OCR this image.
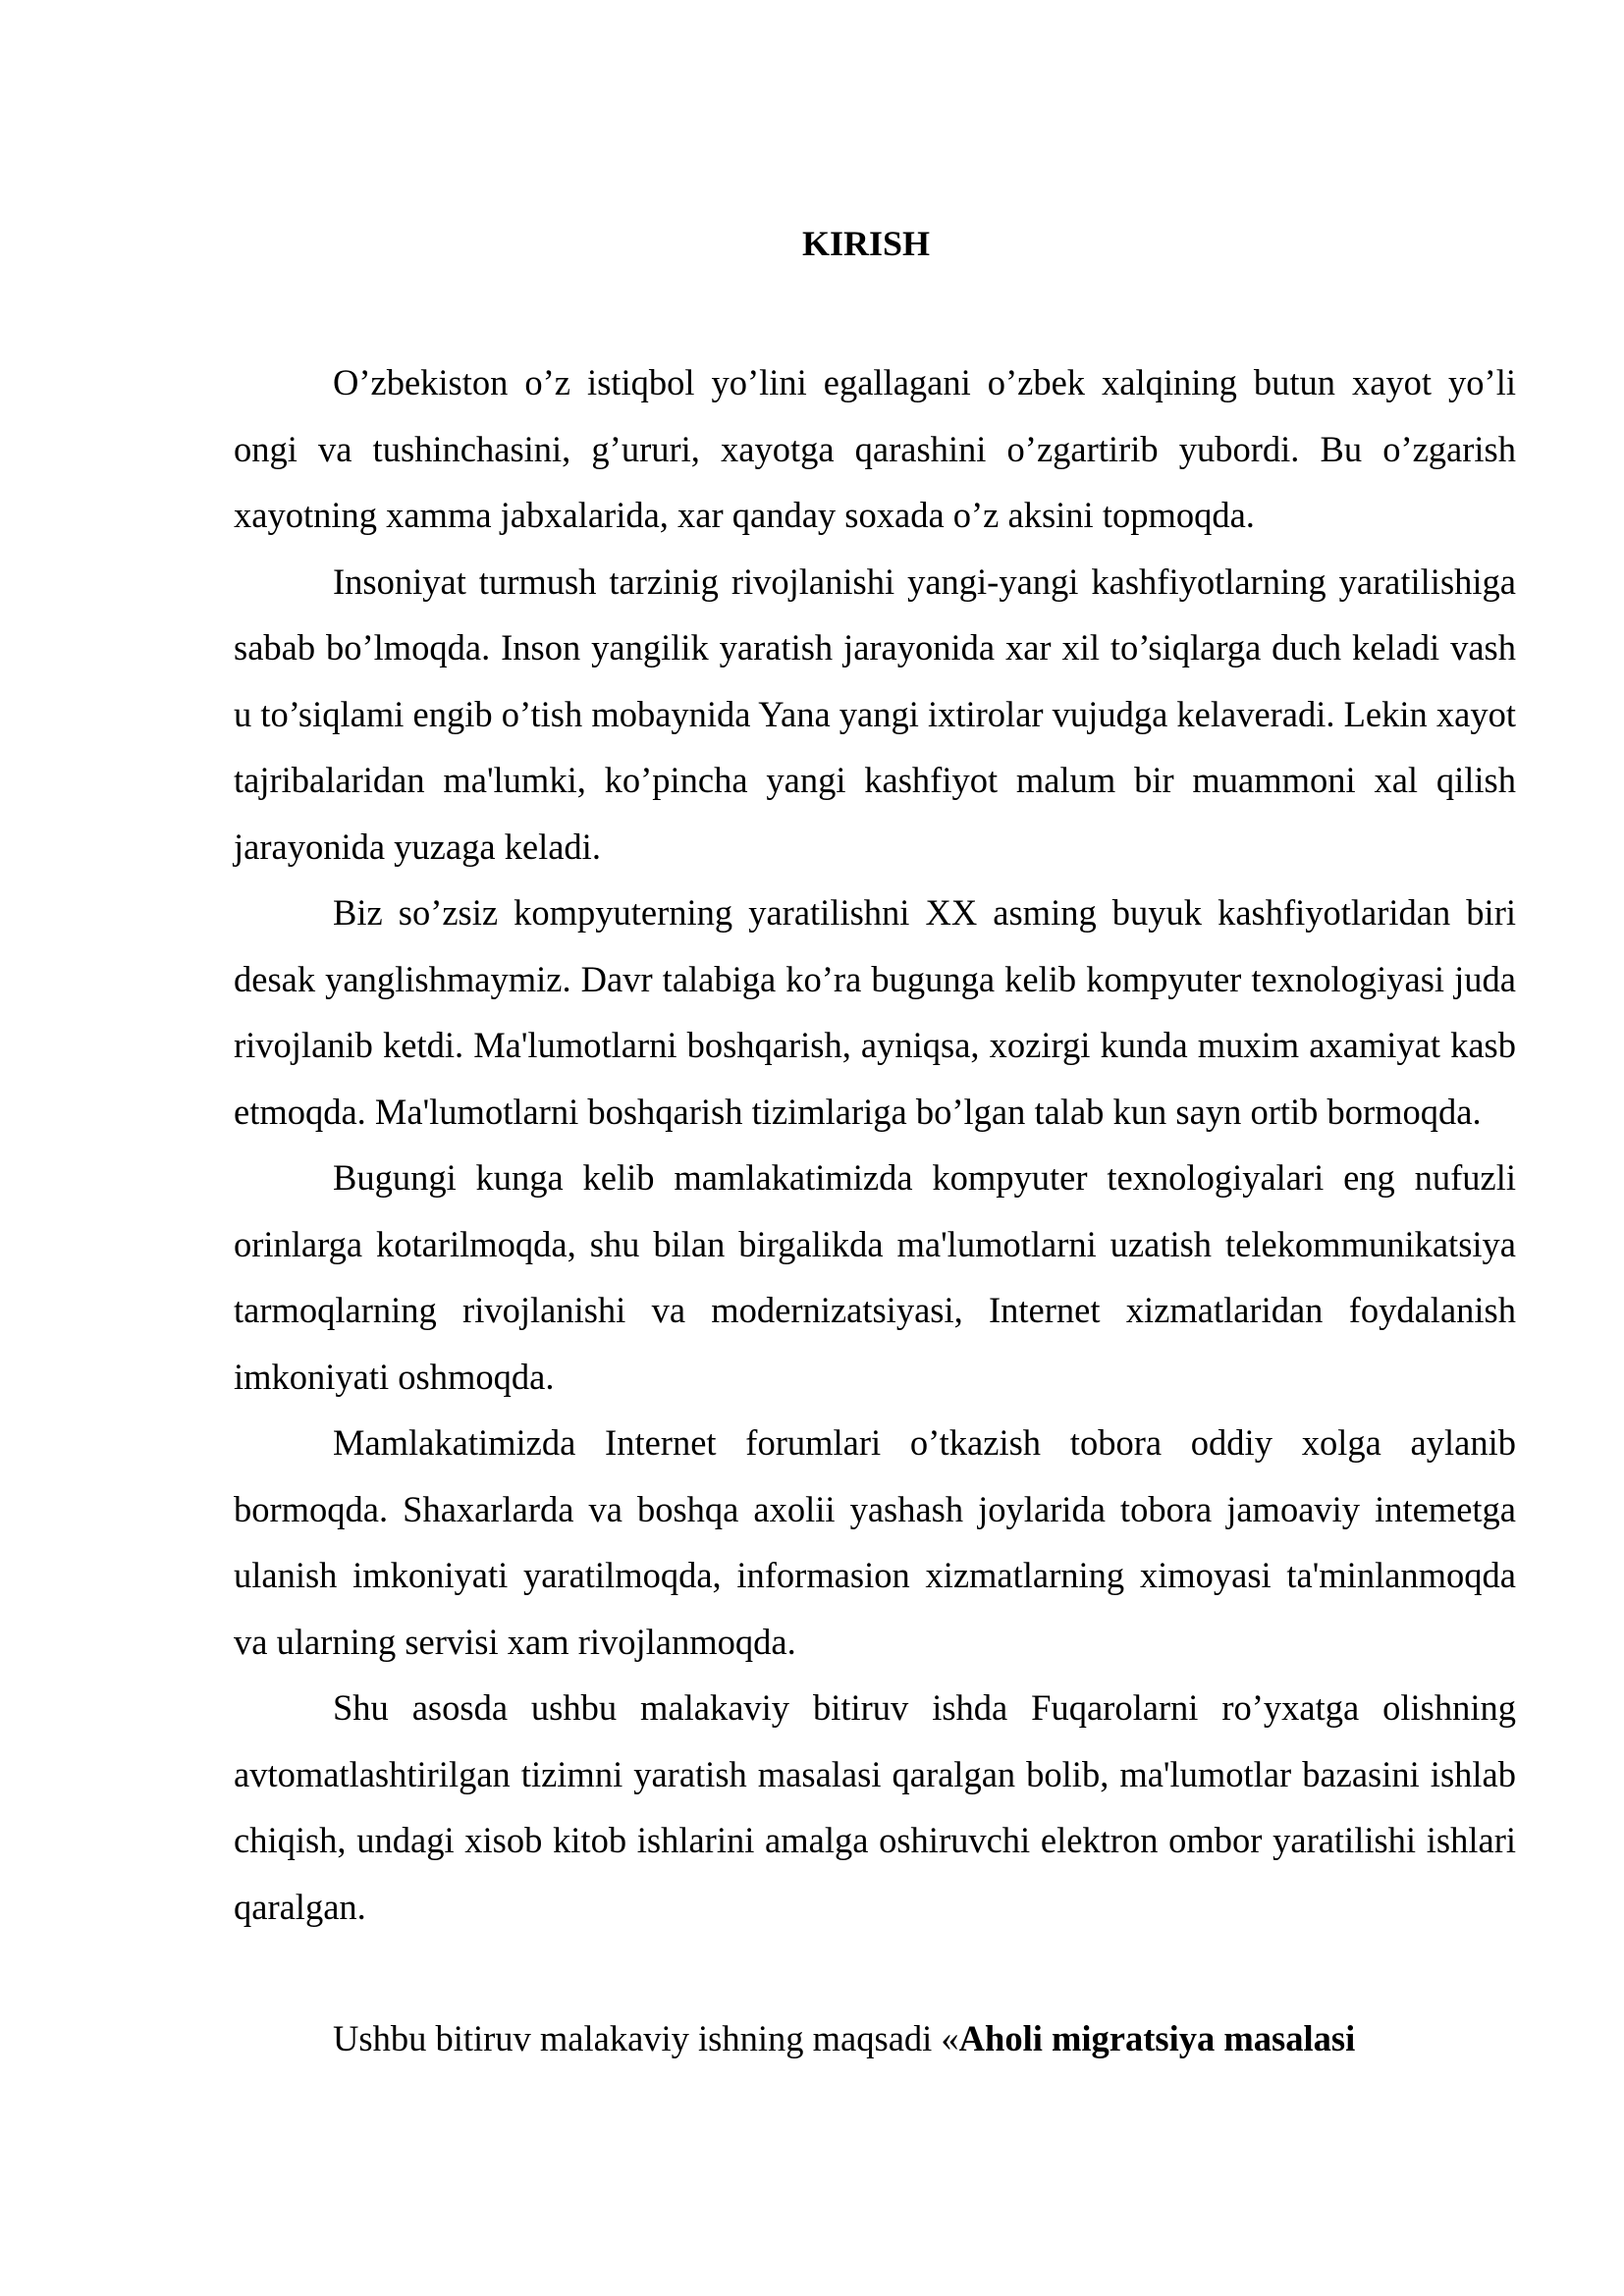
KIRISH

O’zbekiston o’z istiqbol yo’lini egallagani o’zbek xalqining butun xayot yo’li ongi va tushinchasini, g’ururi, xayotga qarashini o’zgartirib yubordi. Bu o’zgarish xayotning xamma jabxalarida, xar qanday soxada o’z aksini topmoqda.

Insoniyat turmush tarzinig rivojlanishi yangi-yangi kashfiyotlarning yaratilishiga sabab bo’lmoqda. Inson yangilik yaratish jarayonida xar xil to’siqlarga duch keladi vash u to’siqlami engib o’tish mobaynida Yana yangi ixtirolar vujudga kelaveradi. Lekin xayot tajribalaridan ma'lumki, ko’pincha yangi kashfiyot malum bir muammoni xal qilish jarayonida yuzaga keladi.

Biz so’zsiz kompyuterning yaratilishni XX asming buyuk kashfiyotlaridan biri desak yanglishmaymiz. Davr talabiga ko’ra bugunga kelib kompyuter texnologiyasi juda rivojlanib ketdi. Ma'lumotlarni boshqarish, ayniqsa, xozirgi kunda muxim axamiyat kasb etmoqda. Ma'lumotlarni boshqarish tizimlariga bo’lgan talab kun sayn ortib bormoqda.

Bugungi kunga kelib mamlakatimizda kompyuter texnologiyalari eng nufuzli orinlarga kotarilmoqda, shu bilan birgalikda ma'lumotlarni uzatish telekommunikatsiya tarmoqlarning rivojlanishi va modernizatsiyasi, Internet xizmatlaridan foydalanish imkoniyati oshmoqda.

Mamlakatimizda Internet forumlari o’tkazish tobora oddiy xolga aylanib bormoqda. Shaxarlarda va boshqa axolii yashash joylarida tobora jamoaviy intemetga ulanish imkoniyati yaratilmoqda, informasion xizmatlarning ximoyasi ta'minlanmoqda va ularning servisi xam rivojlanmoqda.

Shu asosda ushbu malakaviy bitiruv ishda Fuqarolarni ro’yxatga olishning avtomatlashtirilgan tizimni yaratish masalasi qaralgan bolib, ma'lumotlar bazasini ishlab chiqish, undagi xisob kitob ishlarini amalga oshiruvchi elektron ombor yaratilishi ishlari qaralgan.

Ushbu bitiruv malakaviy ishning maqsadi «Aholi migratsiya masalasi
